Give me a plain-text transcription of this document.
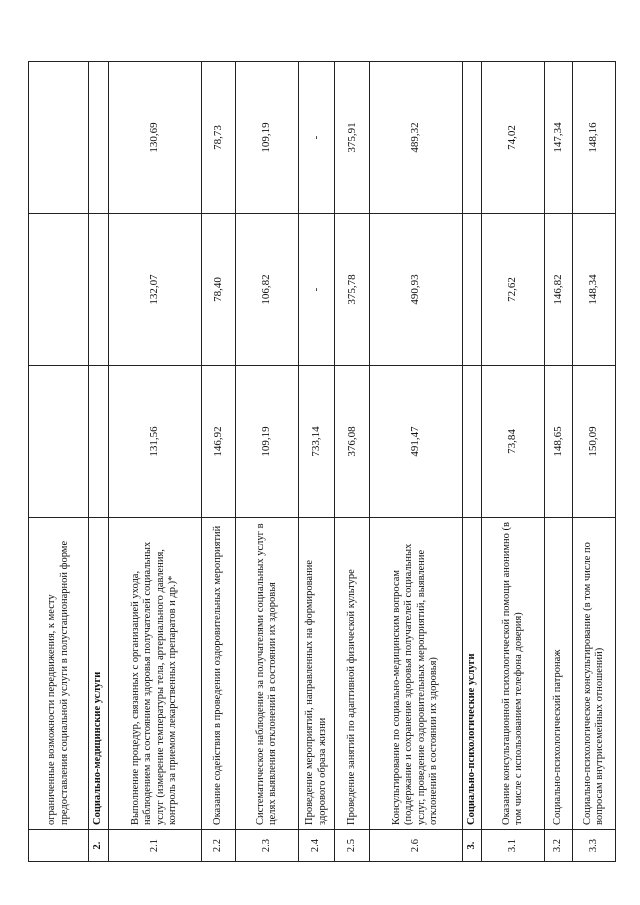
	ограниченные возможности передвижения, к месту предоставления социальной услуги в полустационарной форме			
2.	Социально-медицинские услуги			
2.1	Выполнение процедур, связанных с организацией ухода, наблюдением за состоянием здоровья получателей социальных услуг (измерение температуры тела, артериального давления, контроль за приемом лекарственных препаратов и др.)*	131,56	132,07	130,69
2.2	Оказание содействия в проведении оздоровительных мероприятий	146,92	78,40	78,73
2.3	Систематическое наблюдение за получателями социальных услуг в целях выявления отклонений в состоянии их здоровья	109,19	106,82	109,19
2.4	Проведение мероприятий, направленных на формирование здорового образа жизни	733,14	-	-
2.5	Проведение занятий по адаптивной физической культуре	376,08	375,78	375,91
2.6	Консультирование по социально-медицинским вопросам (поддержание и сохранение здоровья получателей социальных услуг, проведение оздоровительных мероприятий, выявление отклонений в состоянии их здоровья)	491,47	490,93	489,32
3.	Социально-психологические услуги			
3.1	Оказание консультационной психологической помощи анонимно (в том числе с использованием телефона доверия)	73,84	72,62	74,02
3.2	Социально-психологический патронаж	148,65	146,82	147,34
3.3	Социально-психологическое консультирование (в том числе по вопросам внутрисемейных отношений)	150,09	148,34	148,16
